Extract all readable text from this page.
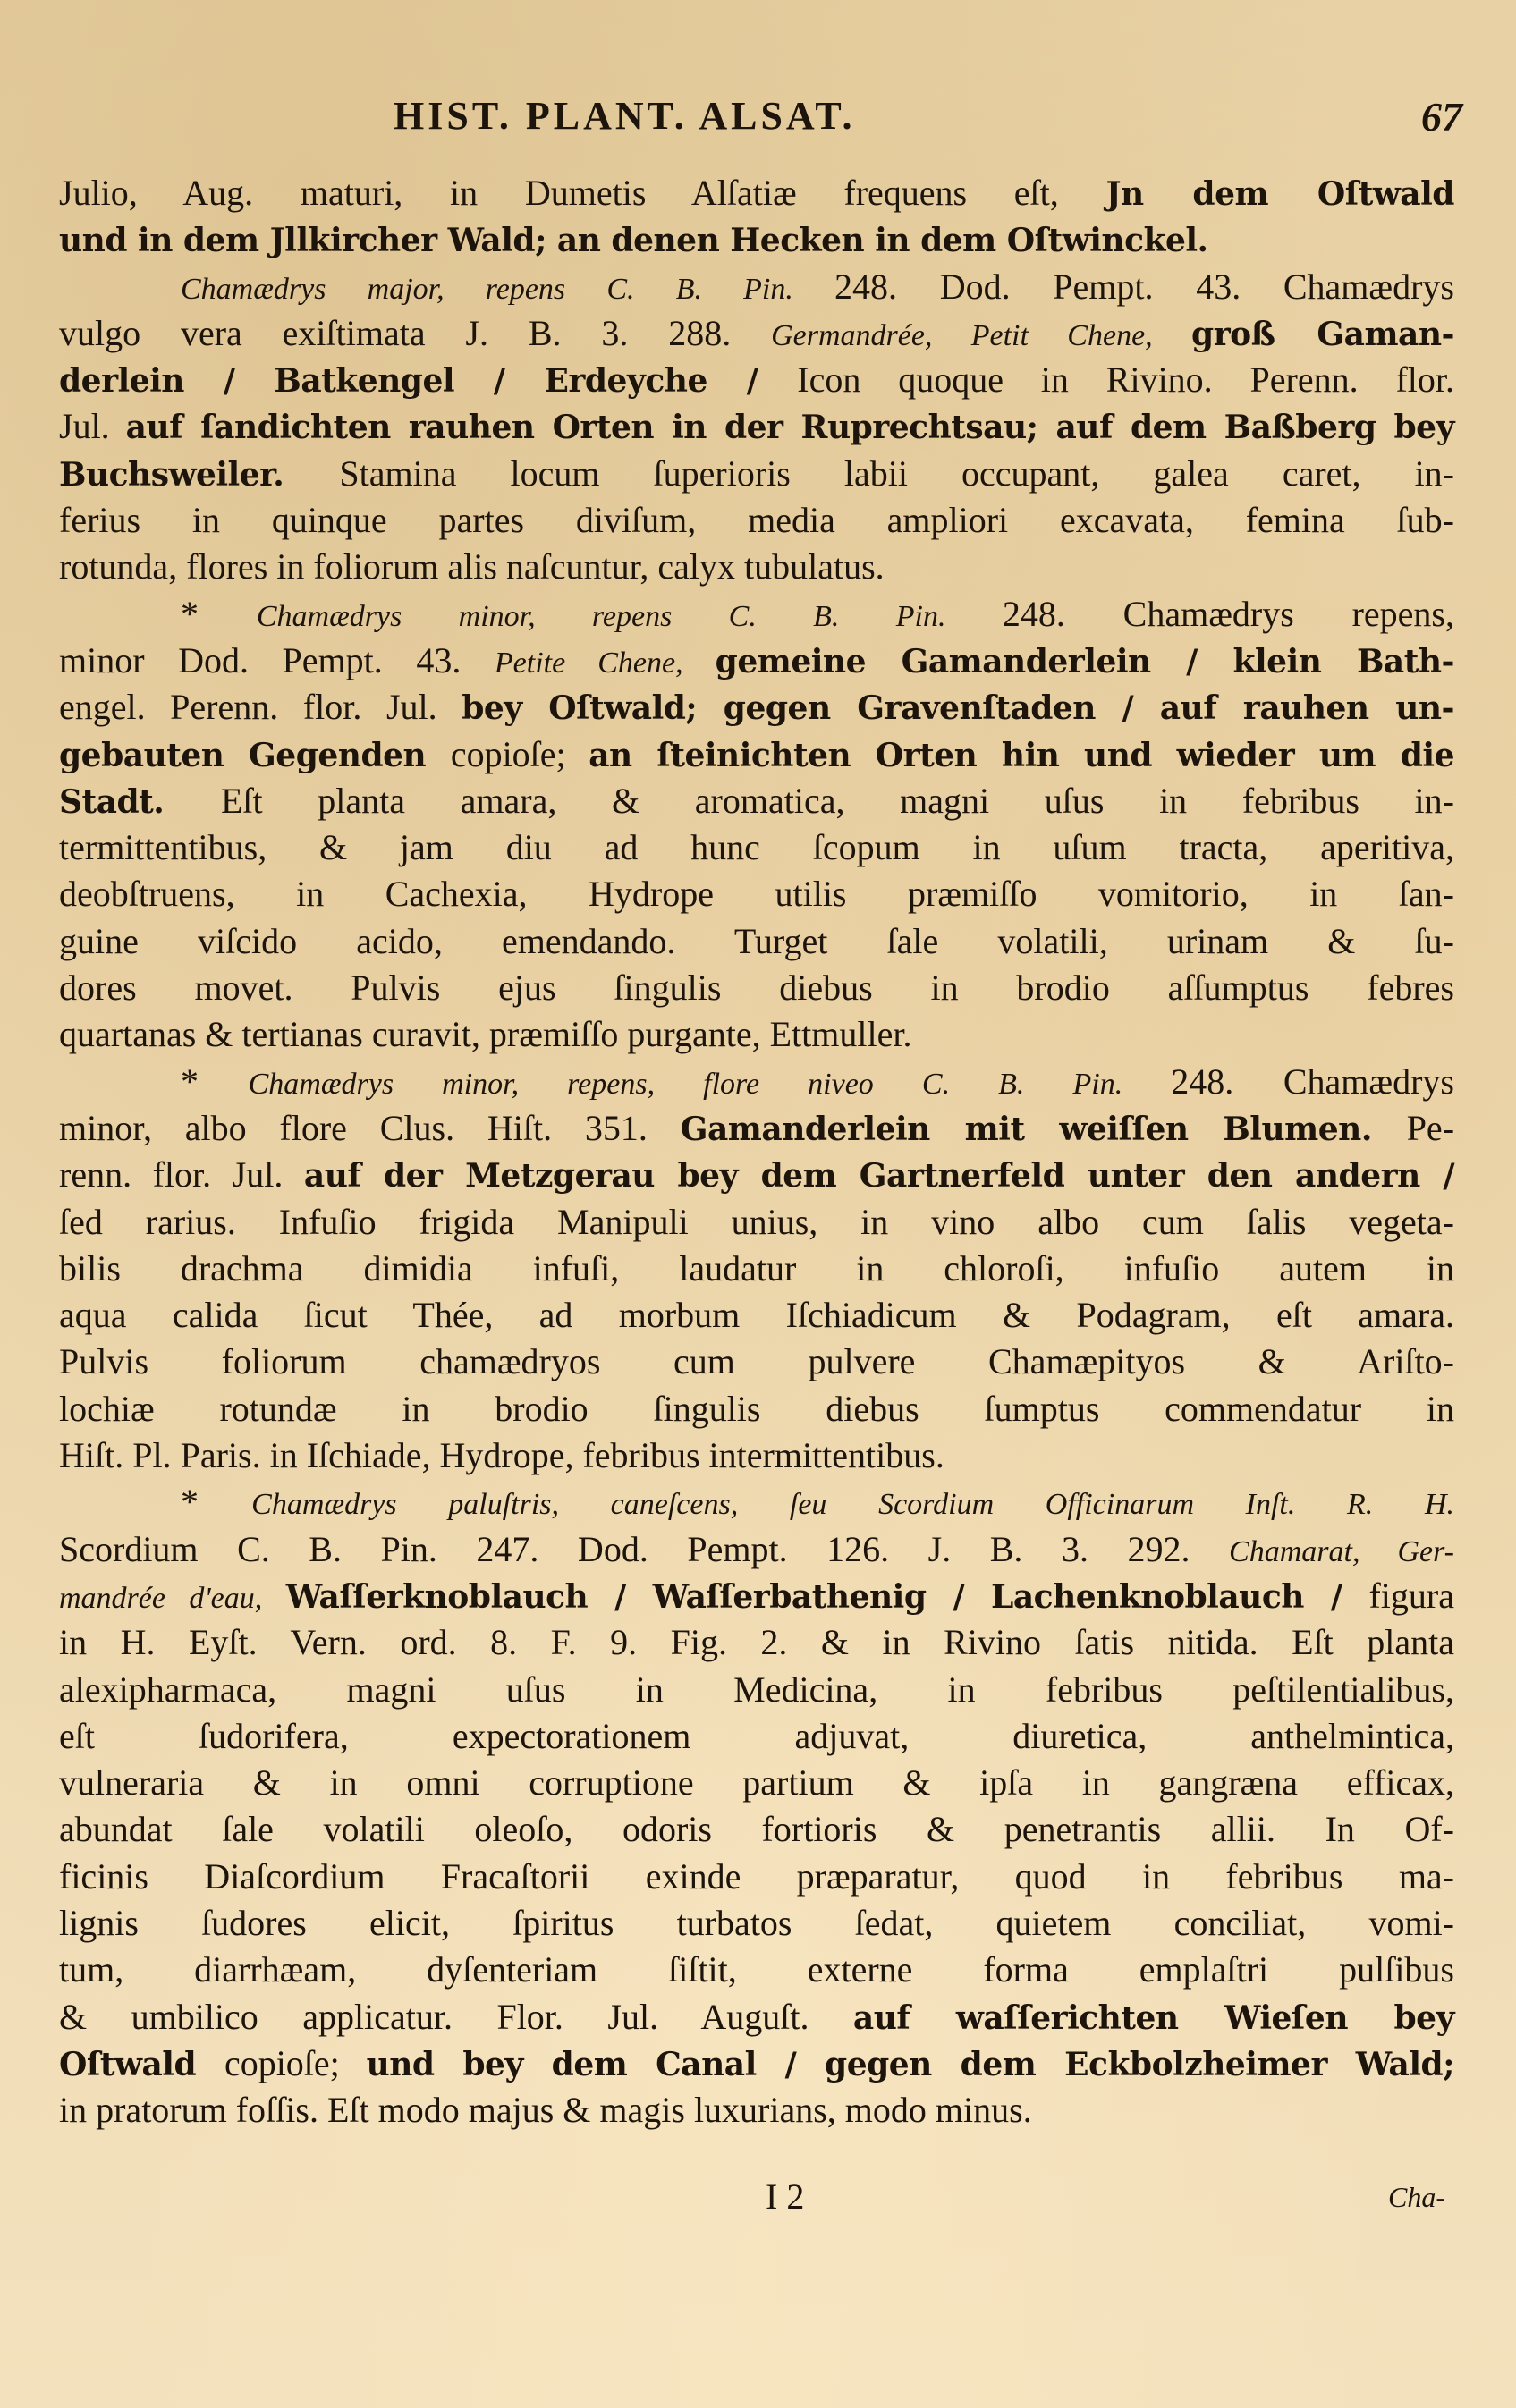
HIST. PLANT. ALSAT.	67
Julio, Aug. maturi, in Dumetis Alſatiæ frequens eſt, Jn dem Oſtwald
und in dem Jllkircher Wald; an denen Hecken in dem Oſtwinckel.
Chamædrys major, repens C. B. Pin. 248. Dod. Pempt. 43. Chamædrys
vulgo vera exiſtimata J. B. 3. 288. Germandrée, Petit Chene, groß Gaman-
derlein / Batkengel / Erdeyche / Icon quoque in Rivino. Perenn. flor.
Jul. auf ſandichten rauhen Orten in der Ruprechtsau; auf dem Baßberg bey
Buchsweiler. Stamina locum ſuperioris labii occupant, galea caret, in-
ferius in quinque partes diviſum, media ampliori excavata, femina ſub-
rotunda, flores in foliorum alis naſcuntur, calyx tubulatus.
* Chamædrys minor, repens C. B. Pin. 248. Chamædrys repens,
minor Dod. Pempt. 43. Petite Chene, gemeine Gamanderlein / klein Bath-
engel. Perenn. flor. Jul. bey Oſtwald; gegen Gravenſtaden / auf rauhen un-
gebauten Gegenden copioſe; an ſteinichten Orten hin und wieder um die
Stadt. Eſt planta amara, & aromatica, magni uſus in febribus in-
termittentibus, & jam diu ad hunc ſcopum in uſum tracta, aperitiva,
deobſtruens, in Cachexia, Hydrope utilis præmiſſo vomitorio, in ſan-
guine viſcido acido, emendando. Turget ſale volatili, urinam & ſu-
dores movet. Pulvis ejus ſingulis diebus in brodio aſſumptus febres
quartanas & tertianas curavit, præmiſſo purgante, Ettmuller.
* Chamædrys minor, repens, flore niveo C. B. Pin. 248. Chamædrys
minor, albo flore Clus. Hiſt. 351. Gamanderlein mit weiſſen Blumen. Pe-
renn. flor. Jul. auf der Metzgerau bey dem Gartnerfeld unter den andern /
ſed rarius. Infuſio frigida Manipuli unius, in vino albo cum ſalis vegeta-
bilis drachma dimidia infuſi, laudatur in chloroſi, infuſio autem in
aqua calida ſicut Thée, ad morbum Iſchiadicum & Podagram, eſt amara.
Pulvis foliorum chamædryos cum pulvere Chamæpityos & Ariſto-
lochiæ rotundæ in brodio ſingulis diebus ſumptus commendatur in
Hiſt. Pl. Paris. in Iſchiade, Hydrope, febribus intermittentibus.
* Chamædrys paluſtris, caneſcens, ſeu Scordium Officinarum Inſt. R. H.
Scordium C. B. Pin. 247. Dod. Pempt. 126. J. B. 3. 292. Chamarat, Ger-
mandrée d'eau, Waſſerknoblauch / Waſſerbathenig / Lachenknoblauch / figura
in H. Eyſt. Vern. ord. 8. F. 9. Fig. 2. & in Rivino ſatis nitida. Eſt planta
alexipharmaca, magni uſus in Medicina, in febribus peſtilentialibus,
eſt ſudorifera, expectorationem adjuvat, diuretica, anthelmintica,
vulneraria & in omni corruptione partium & ipſa in gangræna efficax,
abundat ſale volatili oleoſo, odoris fortioris & penetrantis allii. In Of-
ficinis Diaſcordium Fracaſtorii exinde præparatur, quod in febribus ma-
lignis ſudores elicit, ſpiritus turbatos ſedat, quietem conciliat, vomi-
tum, diarrhæam, dyſenteriam ſiſtit, externe forma emplaſtri pulſibus
& umbilico applicatur. Flor. Jul. Auguſt. auf waſſerichten Wieſen bey
Oſtwald copioſe; und bey dem Canal / gegen dem Eckbolzheimer Wald;
in pratorum foſſis. Eſt modo majus & magis luxurians, modo minus.
I 2	Cha-
